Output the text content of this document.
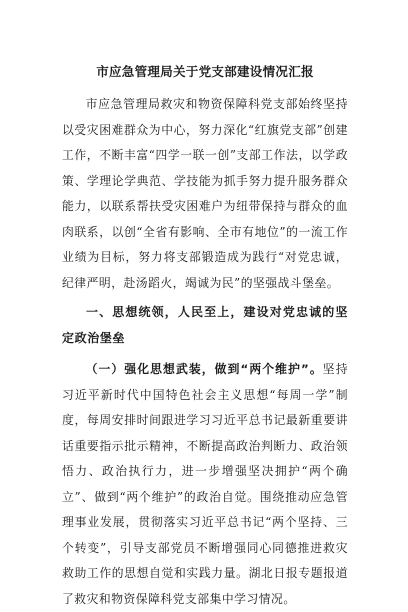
市应急管理局关于党支部建设情况汇报

市应急管理局救灾和物资保障科党支部始终坚持以受灾困难群众为中心，努力深化“红旗党支部”创建工作，不断丰富“四学一联一创”支部工作法，以学政策、学理论学典范、学技能为抓手努力提升服务群众能力，以联系帮扶受灾困难户为纽带保持与群众的血肉联系，以创“全省有影响、全市有地位”的一流工作业绩为目标，努力将支部锻造成为践行“对党忠诚，纪律严明，赴汤蹈火，竭诚为民”的坚强战斗堡垒。

一、思想统领，人民至上，建设对党忠诚的坚定政治堡垒

（一）强化思想武装，做到“两个维护”。坚持习近平新时代中国特色社会主义思想“每周一学”制度，每周安排时间跟进学习习近平总书记最新重要讲话重要指示批示精神，不断提高政治判断力、政治领悟力、政治执行力，进一步增强坚决拥护“两个确立”、做到“两个维护”的政治自觉。围绕推动应急管理事业发展，贯彻落实习近平总书记“两个坚持、三个转变”，引导支部党员不断增强同心同德推进救灾救助工作的思想自觉和实践力量。湖北日报专题报道了救灾和物资保障科党支部集中学习情况。
